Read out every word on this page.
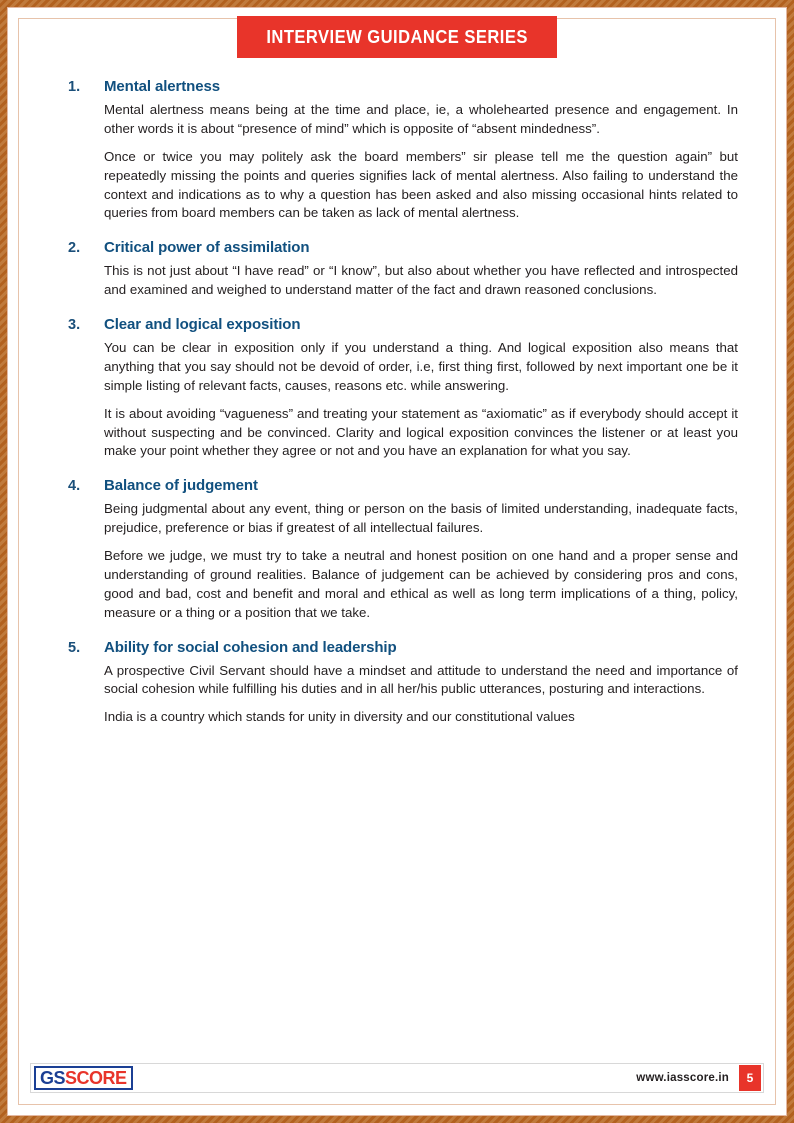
INTERVIEW GUIDANCE SERIES
1.	Mental alertness

Mental alertness means being at the time and place, ie, a wholehearted presence and engagement. In other words it is about “presence of mind” which is opposite of “absent mindedness”.

Once or twice you may politely ask the board members” sir please tell me the question again” but repeatedly missing the points and queries signifies lack of mental alertness. Also failing to understand the context and indications as to why a question has been asked and also missing occasional hints related to queries from board members can be taken as lack of mental alertness.

2.	Critical power of assimilation

This is not just about “I have read” or “I know”, but also about whether you have reflected and introspected and examined and weighed to understand matter of the fact and drawn reasoned conclusions.

3.	Clear and logical exposition

You can be clear in exposition only if you understand a thing. And logical exposition also means that anything that you say should not be devoid of order, i.e, first thing first, followed by next important one be it simple listing of relevant facts, causes, reasons etc. while answering.

It is about avoiding “vagueness” and treating your statement as “axiomatic” as if everybody should accept it without suspecting and be convinced. Clarity and logical exposition convinces the listener or at least you make your point whether they agree or not and you have an explanation for what you say.

4.	Balance of judgement

Being judgmental about any event, thing or person on the basis of limited understanding, inadequate facts, prejudice, preference or bias if greatest of all intellectual failures.

Before we judge, we must try to take a neutral and honest position on one hand and a proper sense and understanding of ground realities. Balance of judgement can be achieved by considering pros and cons, good and bad, cost and benefit and moral and ethical as well as long term implications of a thing, policy, measure or a thing or a position that we take.

5.	Ability for social cohesion and leadership

A prospective Civil Servant should have a mindset and attitude to understand the need and importance of social cohesion while fulfilling his duties and in all her/his public utterances, posturing and interactions.

India is a country which stands for unity in diversity and our constitutional values

GS SCORE	www.iasscore.in	5
